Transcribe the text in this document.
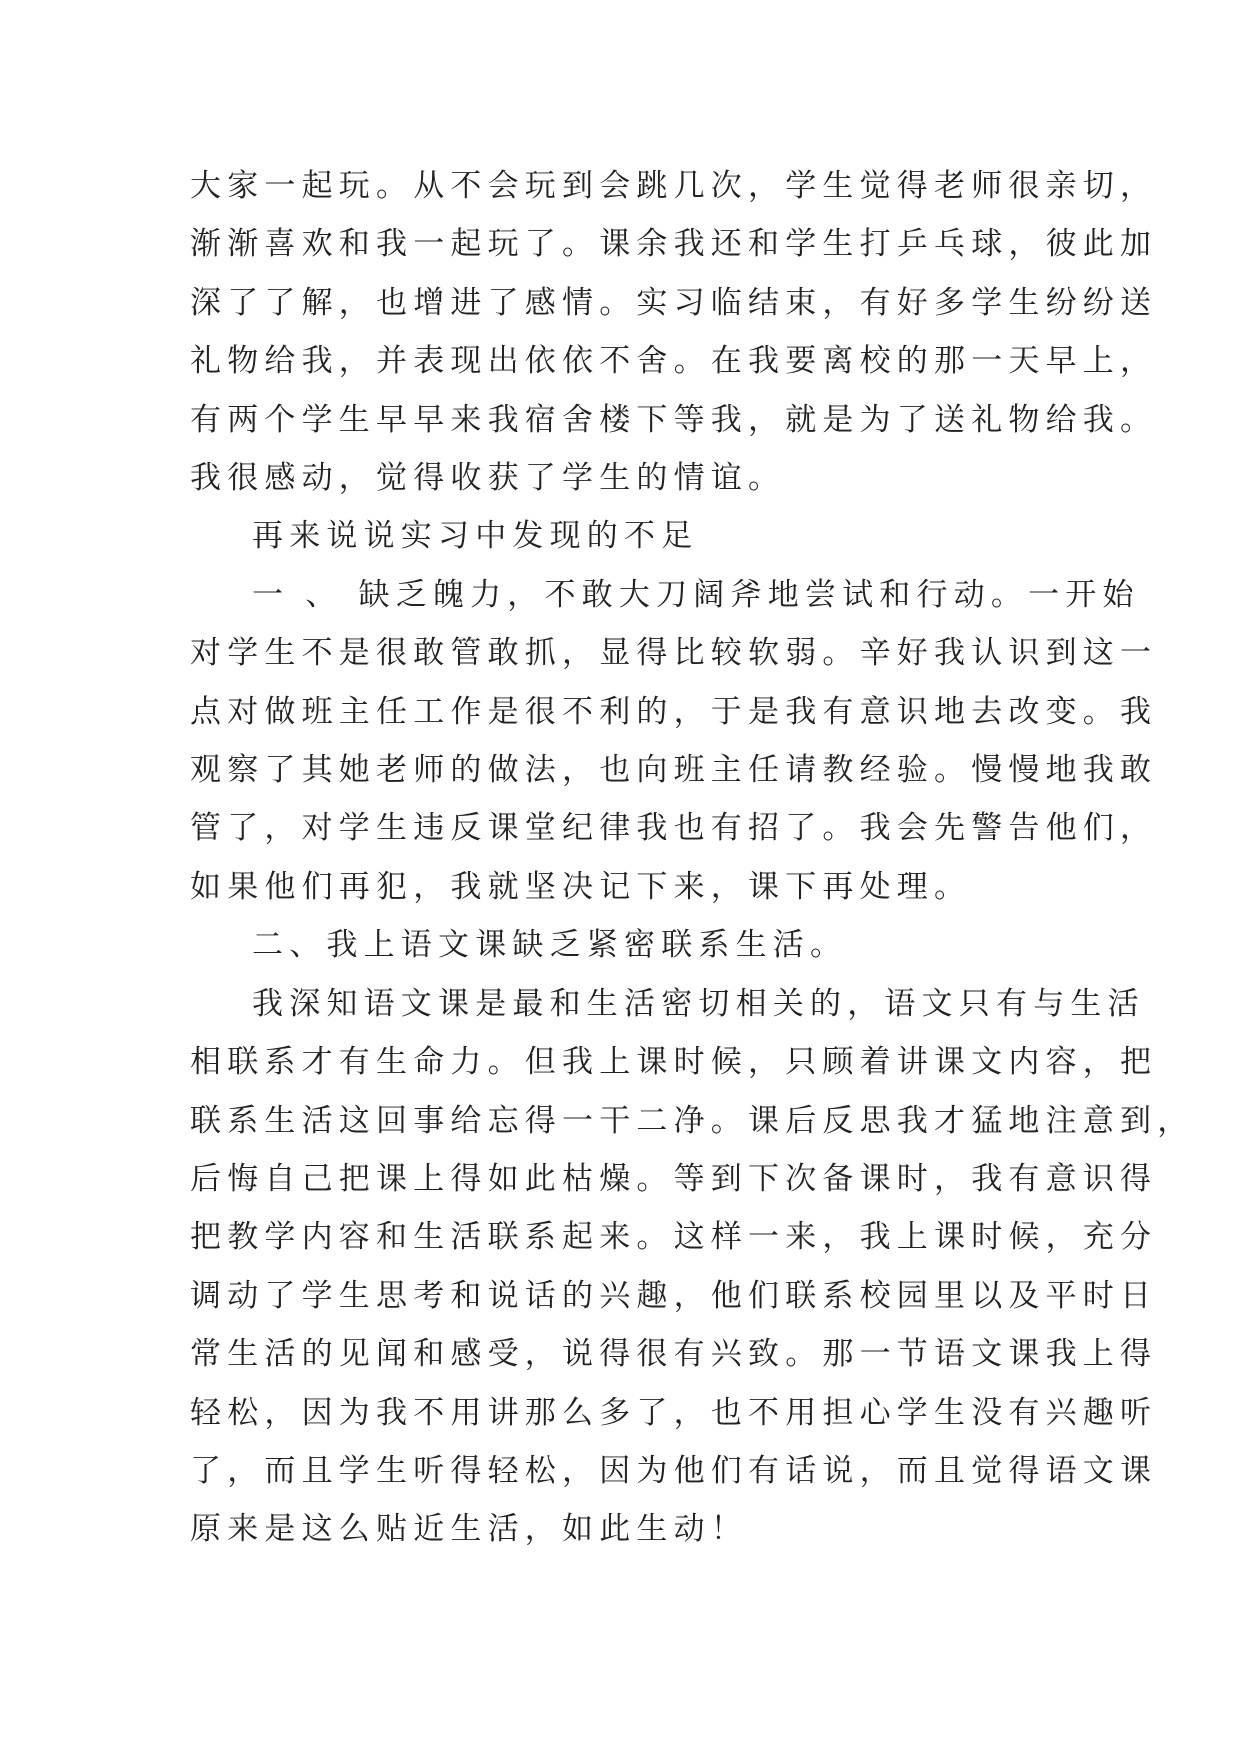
大家一起玩。从不会玩到会跳几次，学生觉得老师很亲切，
渐渐喜欢和我一起玩了。课余我还和学生打乒乓球，彼此加
深了了解，也增进了感情。实习临结束，有好多学生纷纷送
礼物给我，并表现出依依不舍。在我要离校的那一天早上，
有两个学生早早来我宿舍楼下等我，就是为了送礼物给我。
我很感动，觉得收获了学生的情谊。

再来说说实习中发现的不足

一 、 缺乏魄力，不敢大刀阔斧地尝试和行动。一开始
对学生不是很敢管敢抓，显得比较软弱。辛好我认识到这一
点对做班主任工作是很不利的，于是我有意识地去改变。我
观察了其她老师的做法，也向班主任请教经验。慢慢地我敢
管了，对学生违反课堂纪律我也有招了。我会先警告他们，
如果他们再犯，我就坚决记下来，课下再处理。

二、我上语文课缺乏紧密联系生活。

我深知语文课是最和生活密切相关的，语文只有与生活
相联系才有生命力。但我上课时候，只顾着讲课文内容，把
联系生活这回事给忘得一干二净。课后反思我才猛地注意到，
后悔自己把课上得如此枯燥。等到下次备课时，我有意识得
把教学内容和生活联系起来。这样一来，我上课时候，充分
调动了学生思考和说话的兴趣，他们联系校园里以及平时日
常生活的见闻和感受，说得很有兴致。那一节语文课我上得
轻松，因为我不用讲那么多了，也不用担心学生没有兴趣听
了，而且学生听得轻松，因为他们有话说，而且觉得语文课
原来是这么贴近生活，如此生动！
